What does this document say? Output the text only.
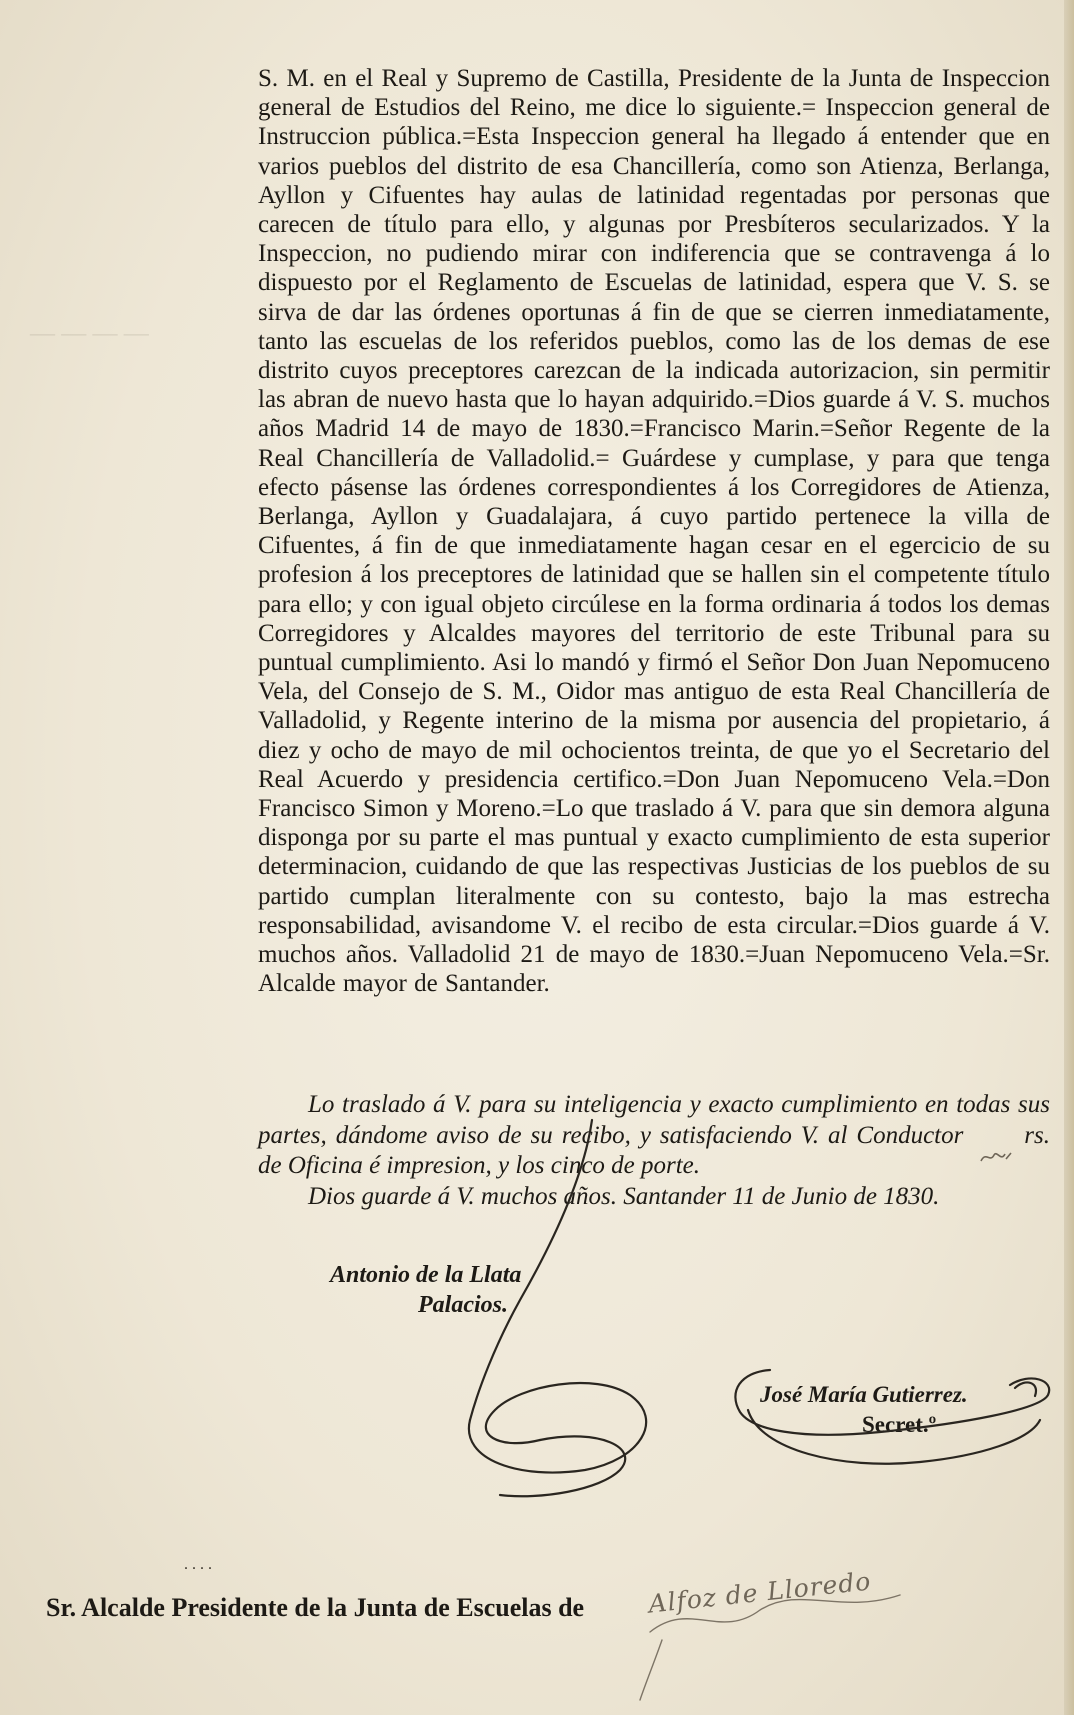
— — — —

S. M. en el Real y Supremo de Castilla, Presidente de la Junta de Inspeccion general de Estudios del Reino, me dice lo siguiente.= Inspeccion general de Instruccion pública.=Esta Inspeccion general ha llegado á entender que en varios pueblos del distrito de esa Chancillería, como son Atienza, Berlanga, Ayllon y Cifuentes hay aulas de latinidad regentadas por personas que carecen de título para ello, y algunas por Presbíteros secularizados. Y la Inspeccion, no pudiendo mirar con indiferencia que se contravenga á lo dispuesto por el Reglamento de Escuelas de latinidad, espera que V. S. se sirva de dar las órdenes oportunas á fin de que se cierren inmediatamente, tanto las escuelas de los referidos pueblos, como las de los demas de ese distrito cuyos preceptores carezcan de la indicada autorizacion, sin permitir las abran de nuevo hasta que lo hayan adquirido.=Dios guarde á V. S. muchos años Madrid 14 de mayo de 1830.=Francisco Marin.=Señor Regente de la Real Chancillería de Valladolid.= Guárdese y cumplase, y para que tenga efecto pásense las órdenes correspondientes á los Corregidores de Atienza, Berlanga, Ayllon y Guadalajara, á cuyo partido pertenece la villa de Cifuentes, á fin de que inmediatamente hagan cesar en el egercicio de su profesion á los preceptores de latinidad que se hallen sin el competente título para ello; y con igual objeto circúlese en la forma ordinaria á todos los demas Corregidores y Alcaldes mayores del territorio de este Tribunal para su puntual cumplimiento. Asi lo mandó y firmó el Señor Don Juan Nepomuceno Vela, del Consejo de S. M., Oidor mas antiguo de esta Real Chancillería de Valladolid, y Regente interino de la misma por ausencia del propietario, á diez y ocho de mayo de mil ochocientos treinta, de que yo el Secretario del Real Acuerdo y presidencia certifico.=Don Juan Nepomuceno Vela.=Don Francisco Simon y Moreno.=Lo que traslado á V. para que sin demora alguna disponga por su parte el mas puntual y exacto cumplimiento de esta superior determinacion, cuidando de que las respectivas Justicias de los pueblos de su partido cumplan literalmente con su contesto, bajo la mas estrecha responsabilidad, avisandome V. el recibo de esta circular.=Dios guarde á V. muchos años. Valladolid 21 de mayo de 1830.=Juan Nepomuceno Vela.=Sr. Alcalde mayor de Santander.

Lo traslado á V. para su inteligencia y exacto cumplimiento en todas sus partes, dándome aviso de su recibo, y satisfaciendo V. al Conductor rs. de Oficina é impresion, y los cinco de porte.
Dios guarde á V. muchos años. Santander 11 de Junio de 1830.

Antonio de la Llata
Palacios.
José María Gutierrez.
Secret.º
. . . .
Sr. Alcalde Presidente de la Junta de Escuelas de	Alfoz de Lloredo
